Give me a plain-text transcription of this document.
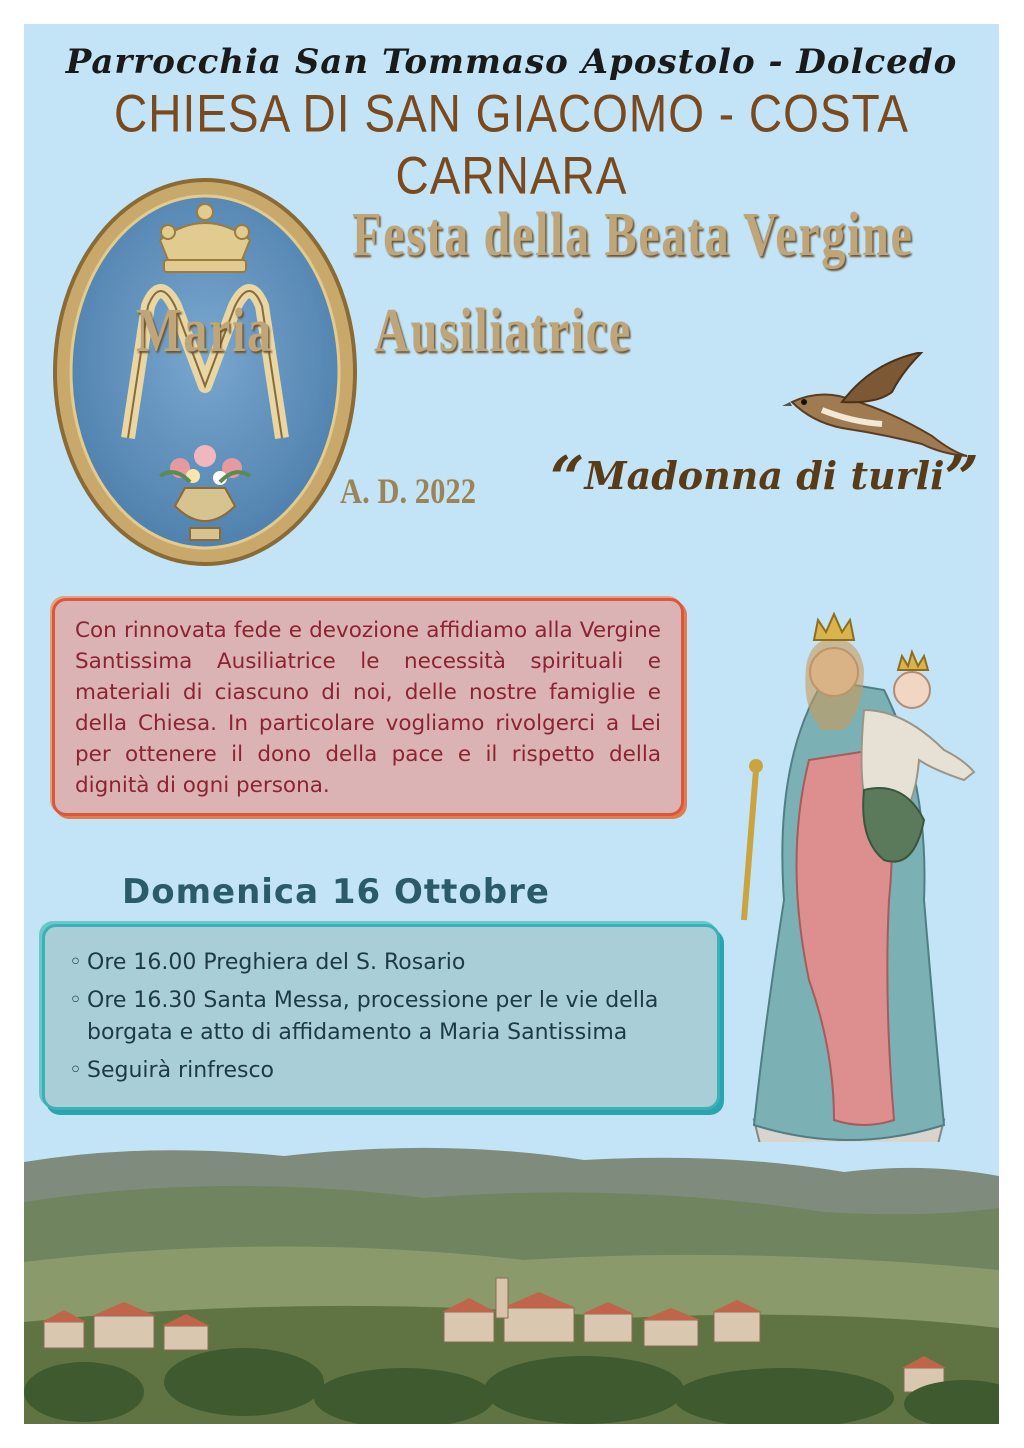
Parrocchia San Tommaso Apostolo - Dolcedo
CHIESA DI SAN GIACOMO - COSTA CARNARA
Festa della Beata Vergine
Maria Ausiliatrice
A. D. 2022 “Madonna di turli”

Con rinnovata fede e devozione affidiamo alla Vergine Santissima Ausiliatrice le necessità spirituali e materiali di ciascuno di noi, delle nostre famiglie e della Chiesa. In particolare vogliamo rivolgerci a Lei per ottenere il dono della pace e il rispetto della dignità di ogni persona.

Domenica 16 Ottobre
◦ Ore 16.00 Preghiera del S. Rosario
◦ Ore 16.30 Santa Messa, processione per le vie della borgata e atto di affidamento a Maria Santissima
◦ Seguirà rinfresco
